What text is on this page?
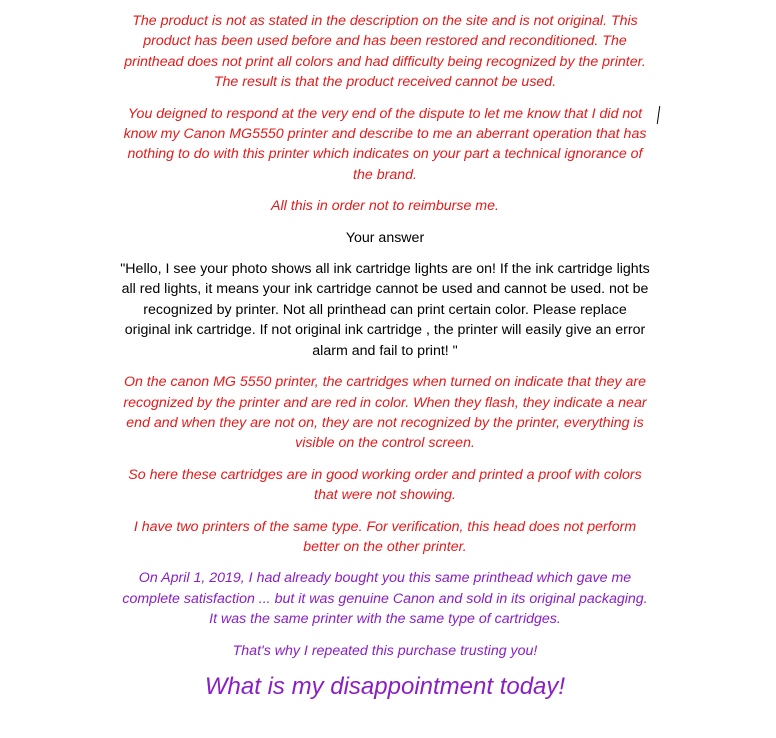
The product is not as stated in the description on the site and is not original. This
product has been used before and has been restored and reconditioned. The
printhead does not print all colors and had difficulty being recognized by the printer.
The result is that the product received cannot be used.
You deigned to respond at the very end of the dispute to let me know that I did not
know my Canon MG5550 printer and describe to me an aberrant operation that has
nothing to do with this printer which indicates on your part a technical ignorance of
the brand.
All this in order not to reimburse me.
Your answer
"Hello, I see your photo shows all ink cartridge lights are on! If the ink cartridge lights
all red lights, it means your ink cartridge cannot be used and cannot be used. not be
recognized by printer. Not all printhead can print certain color. Please replace
original ink cartridge. If not original ink cartridge , the printer will easily give an error
alarm and fail to print! "
On the canon MG 5550 printer, the cartridges when turned on indicate that they are
recognized by the printer and are red in color. When they flash, they indicate a near
end and when they are not on, they are not recognized by the printer, everything is
visible on the control screen.
So here these cartridges are in good working order and printed a proof with colors
that were not showing.
I have two printers of the same type. For verification, this head does not perform
better on the other printer.
On April 1, 2019, I had already bought you this same printhead which gave me
complete satisfaction ... but it was genuine Canon and sold in its original packaging.
It was the same printer with the same type of cartridges.
That's why I repeated this purchase trusting you!
What is my disappointment today!
